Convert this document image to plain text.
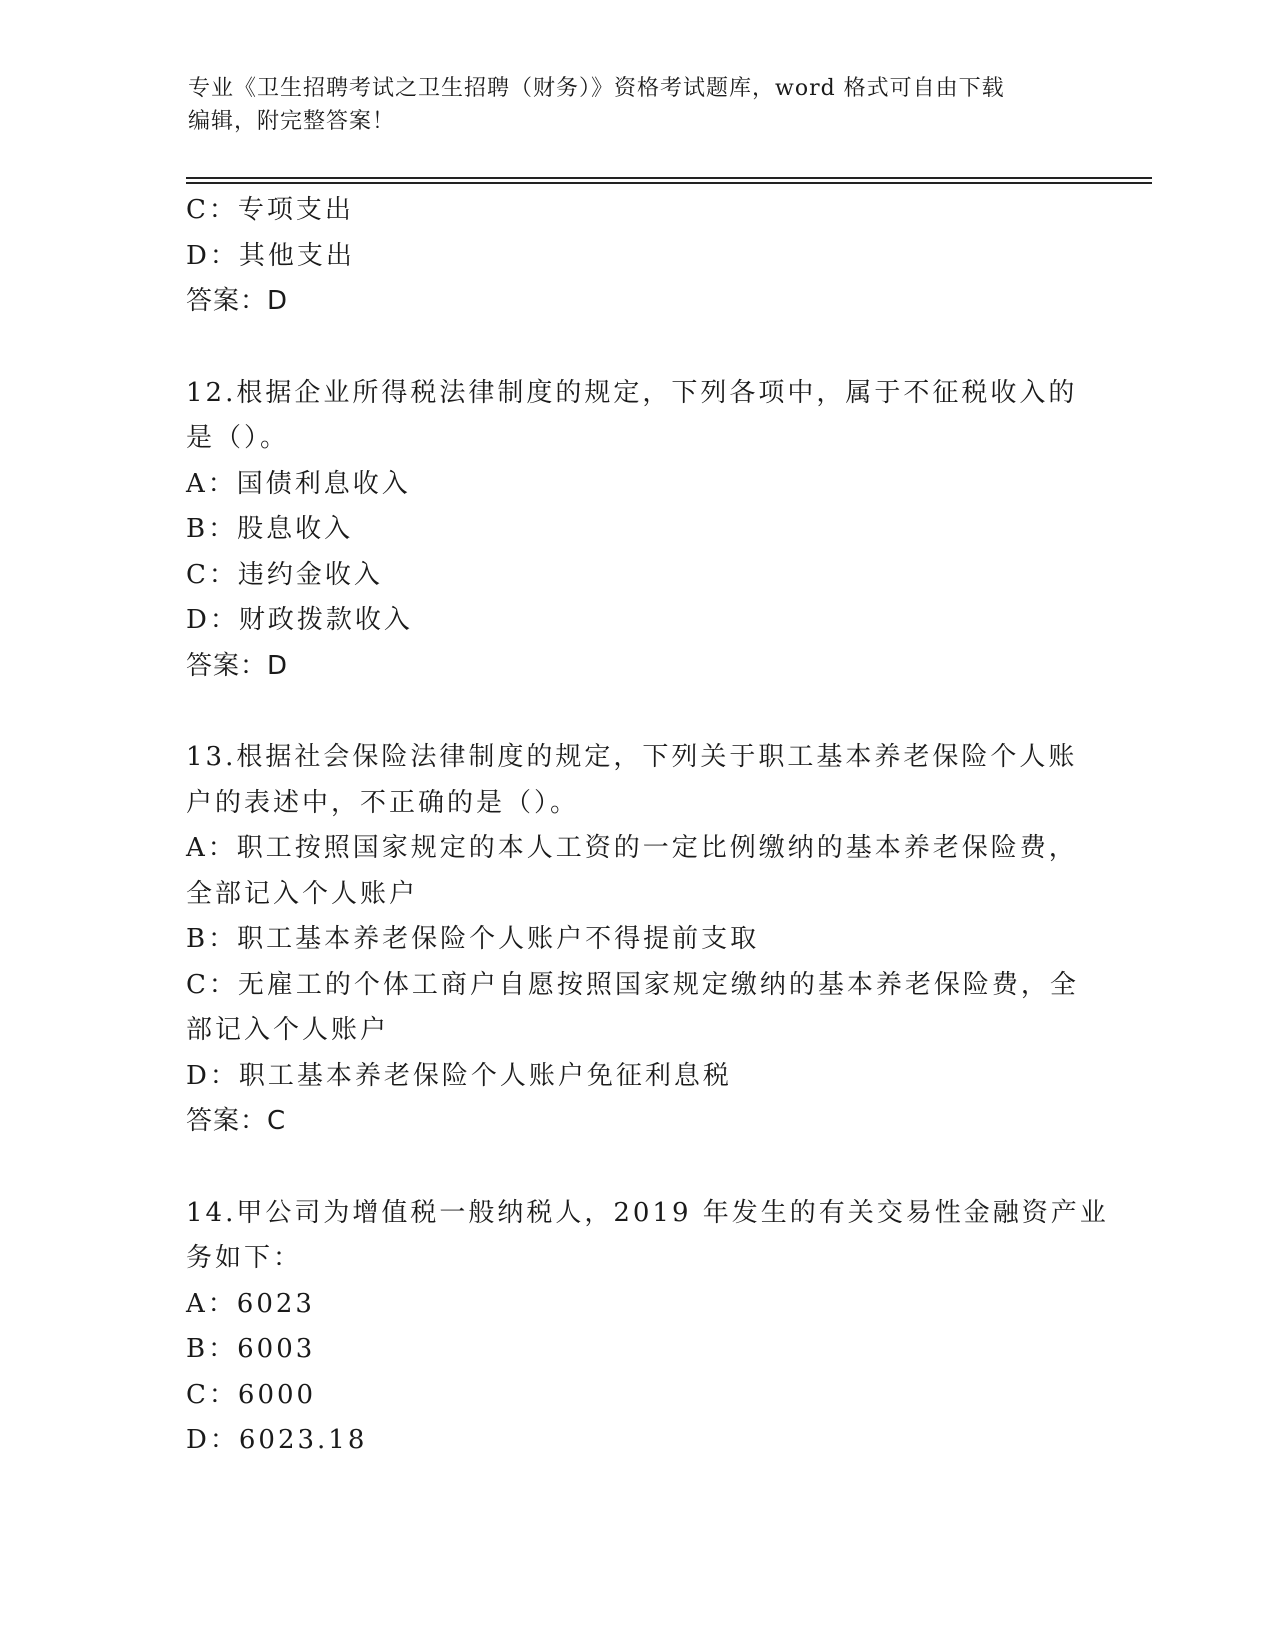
专业《卫生招聘考试之卫生招聘（财务）》资格考试题库，word 格式可自由下载
编辑，附完整答案！
C：专项支出
D：其他支出
答案：D
12.根据企业所得税法律制度的规定，下列各项中，属于不征税收入的
是（）。
A：国债利息收入
B：股息收入
C：违约金收入
D：财政拨款收入
答案：D
13.根据社会保险法律制度的规定，下列关于职工基本养老保险个人账
户的表述中，不正确的是（）。
A：职工按照国家规定的本人工资的一定比例缴纳的基本养老保险费，
全部记入个人账户
B：职工基本养老保险个人账户不得提前支取
C：无雇工的个体工商户自愿按照国家规定缴纳的基本养老保险费，全
部记入个人账户
D：职工基本养老保险个人账户免征利息税
答案：C
14.甲公司为增值税一般纳税人，2019 年发生的有关交易性金融资产业
务如下：
A：6023
B：6003
C：6000
D：6023.18
